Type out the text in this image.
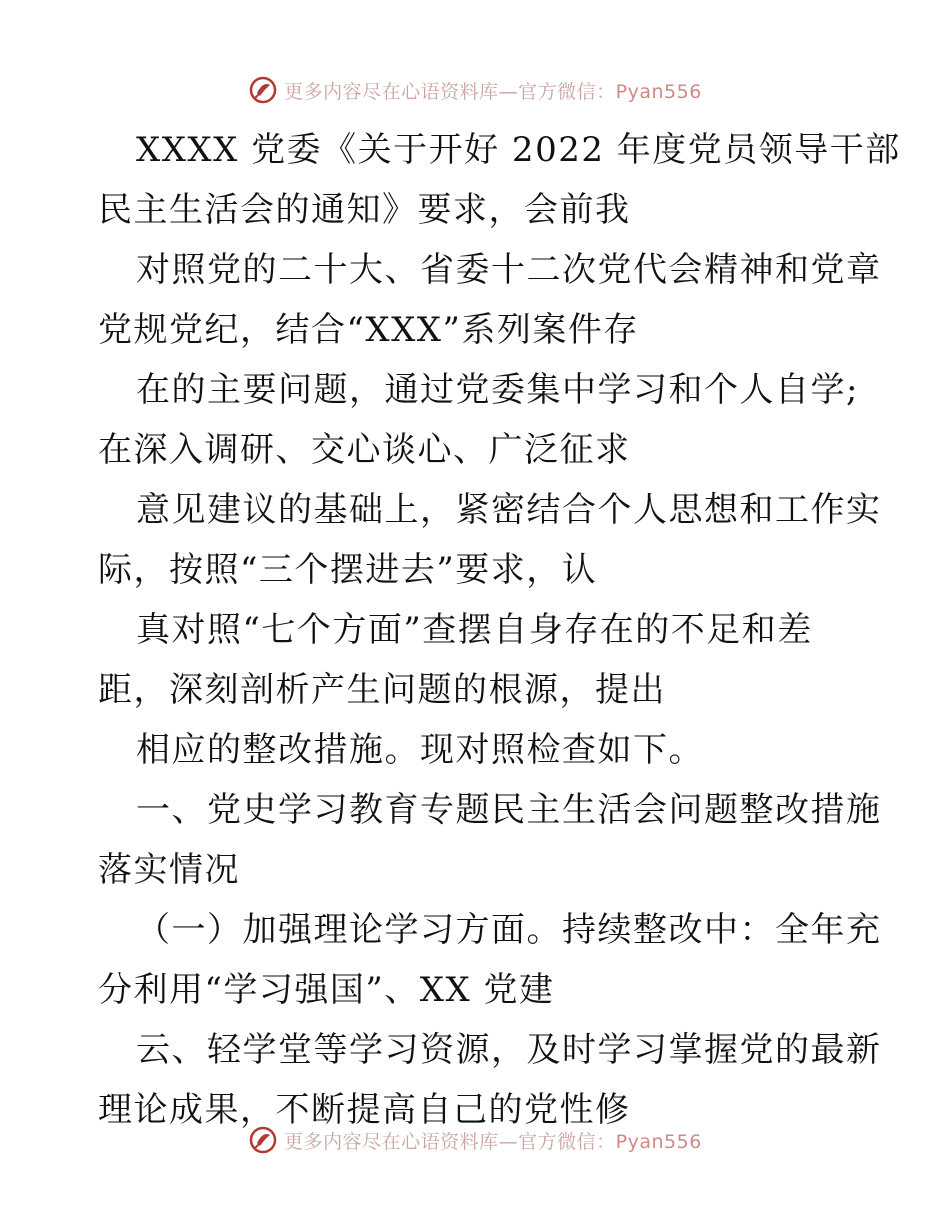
更多内容尽在心语资料库—官方微信：Pyan556
XXXX 党委《关于开好 2022 年度党员领导干部
民主生活会的通知》要求，会前我
对照党的二十大、省委十二次党代会精神和党章
党规党纪，结合“XXX”系列案件存
在的主要问题，通过党委集中学习和个人自学;
在深入调研、交心谈心、广泛征求
意见建议的基础上，紧密结合个人思想和工作实
际，按照“三个摆进去”要求，认
真对照“七个方面”查摆自身存在的不足和差
距，深刻剖析产生问题的根源，提出
相应的整改措施。现对照检查如下。
一、党史学习教育专题民主生活会问题整改措施
落实情况
（一）加强理论学习方面。持续整改中：全年充
分利用“学习强国”、XX 党建
云、轻学堂等学习资源，及时学习掌握党的最新
理论成果，不断提高自己的党性修
更多内容尽在心语资料库—官方微信：Pyan556
